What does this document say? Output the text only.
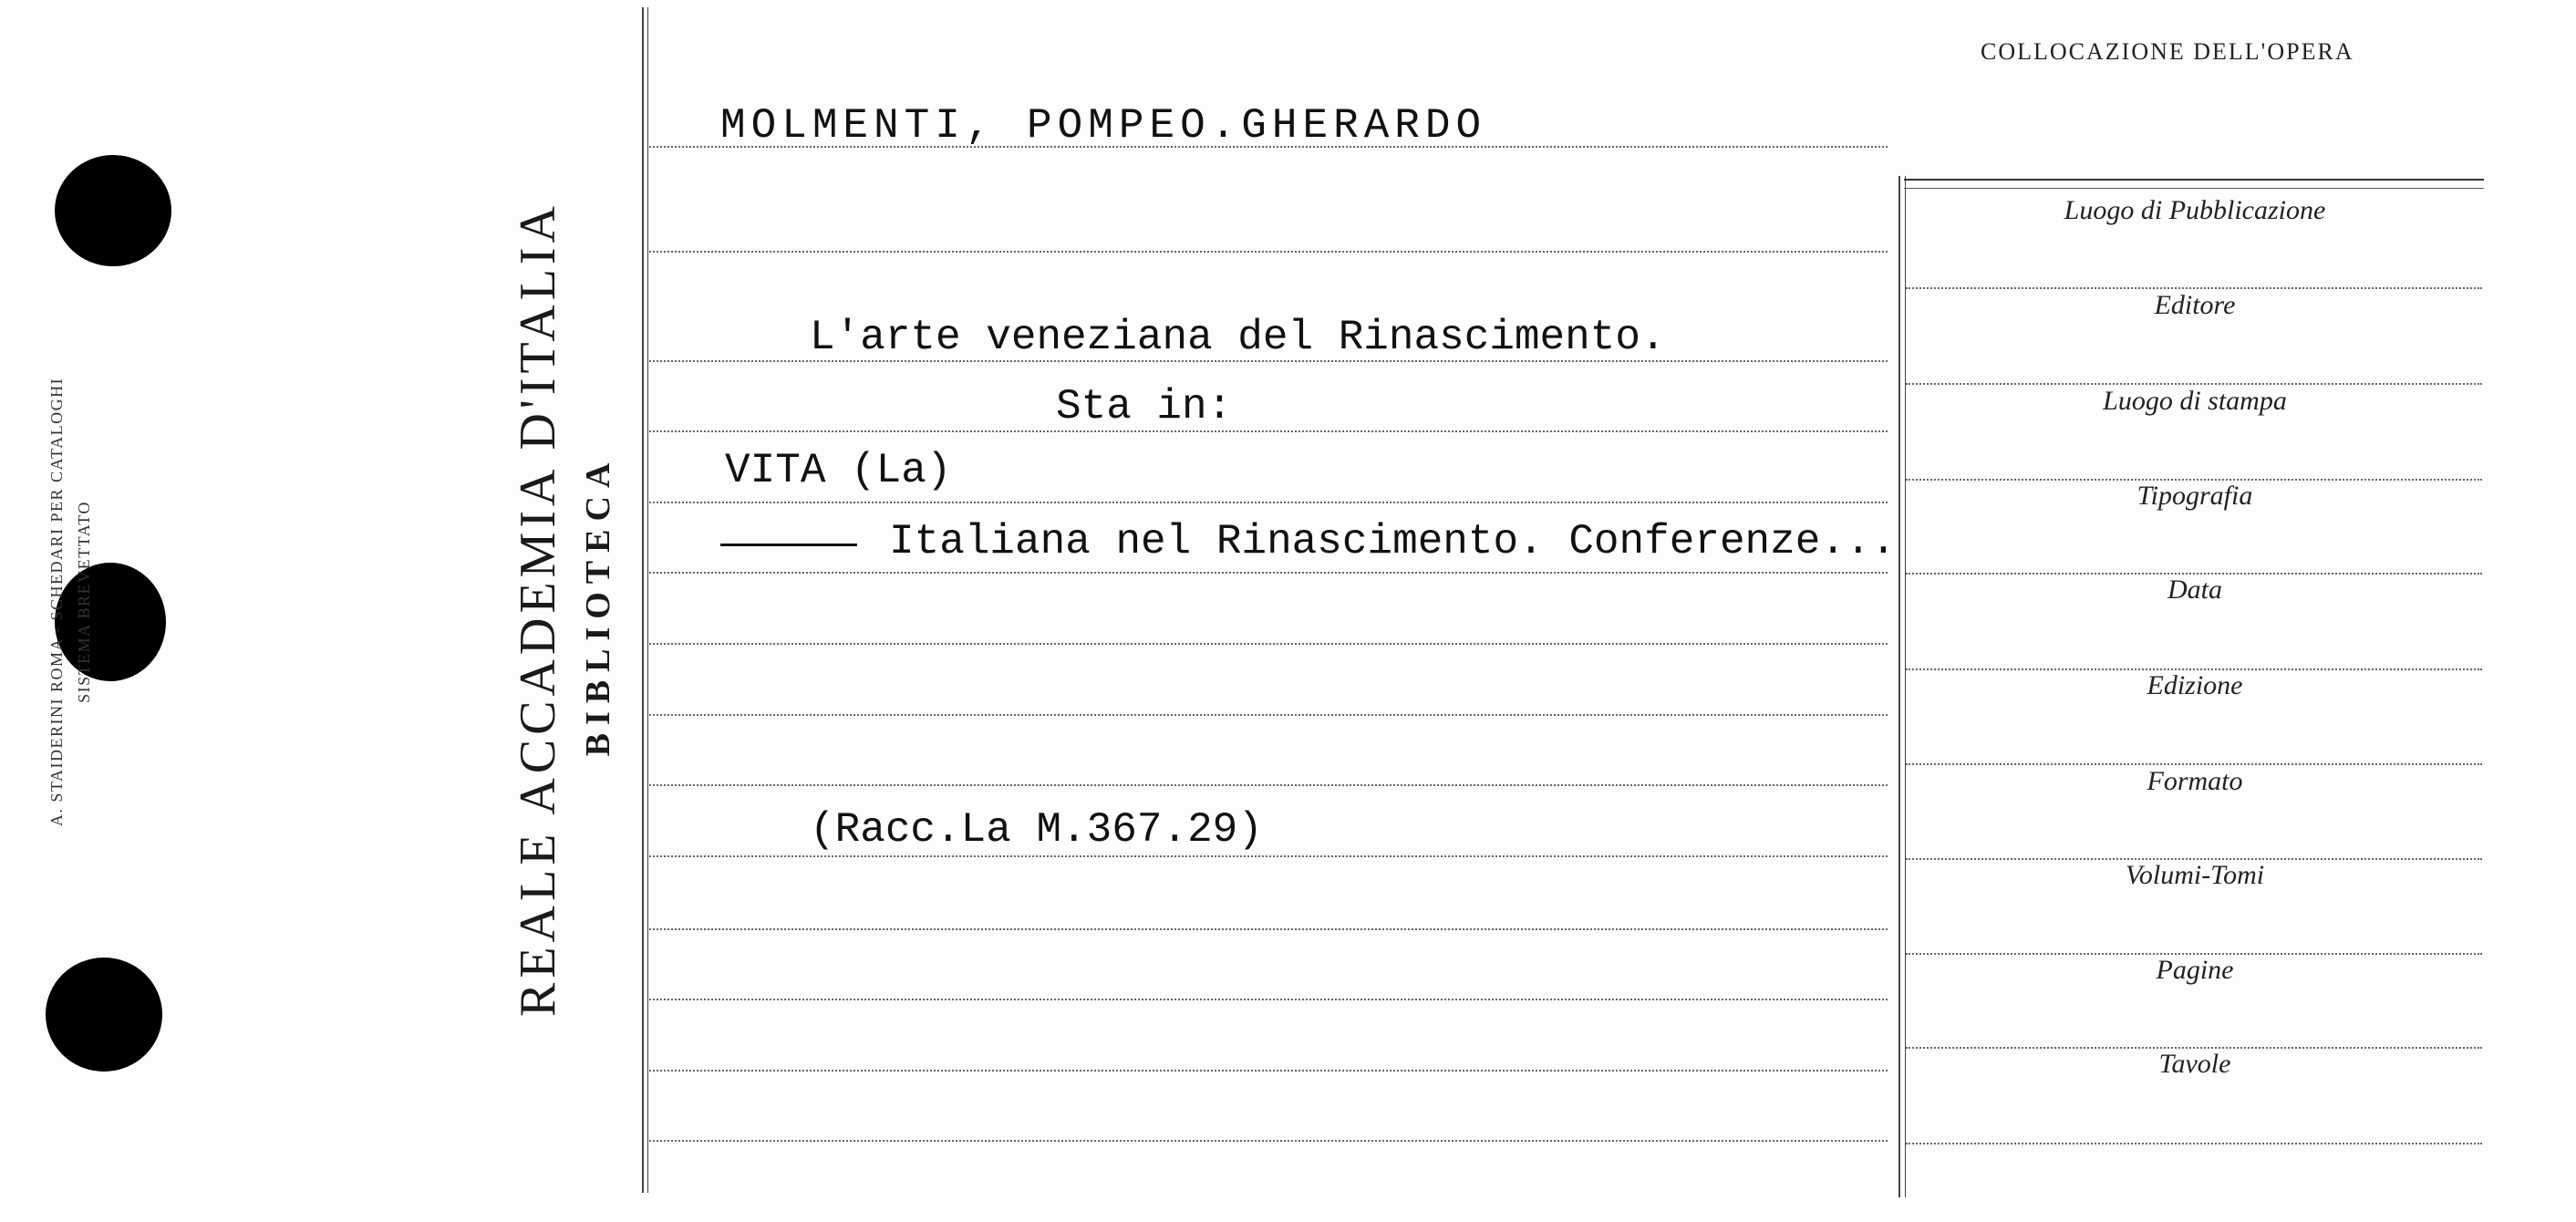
A. STAIDERINI ROMA - SCHEDARI PER CATALOGHI SISTEMA BREVETTATO	REALE ACCADEMIA D'ITALIA BIBLIOTECA
COLLOCAZIONE DELL'OPERA
Luogo di Pubblicazione
Editore
Luogo di stampa
Tipografia
Data
Edizione
Formato
Volumi-Tomi
Pagine
Tavole
MOLMENTI, POMPEO.GHERARDO
L'arte veneziana del Rinascimento.
Sta in:
VITA (La)
Italiana nel Rinascimento. Conferenze...
(Racc.La M.367.29)
